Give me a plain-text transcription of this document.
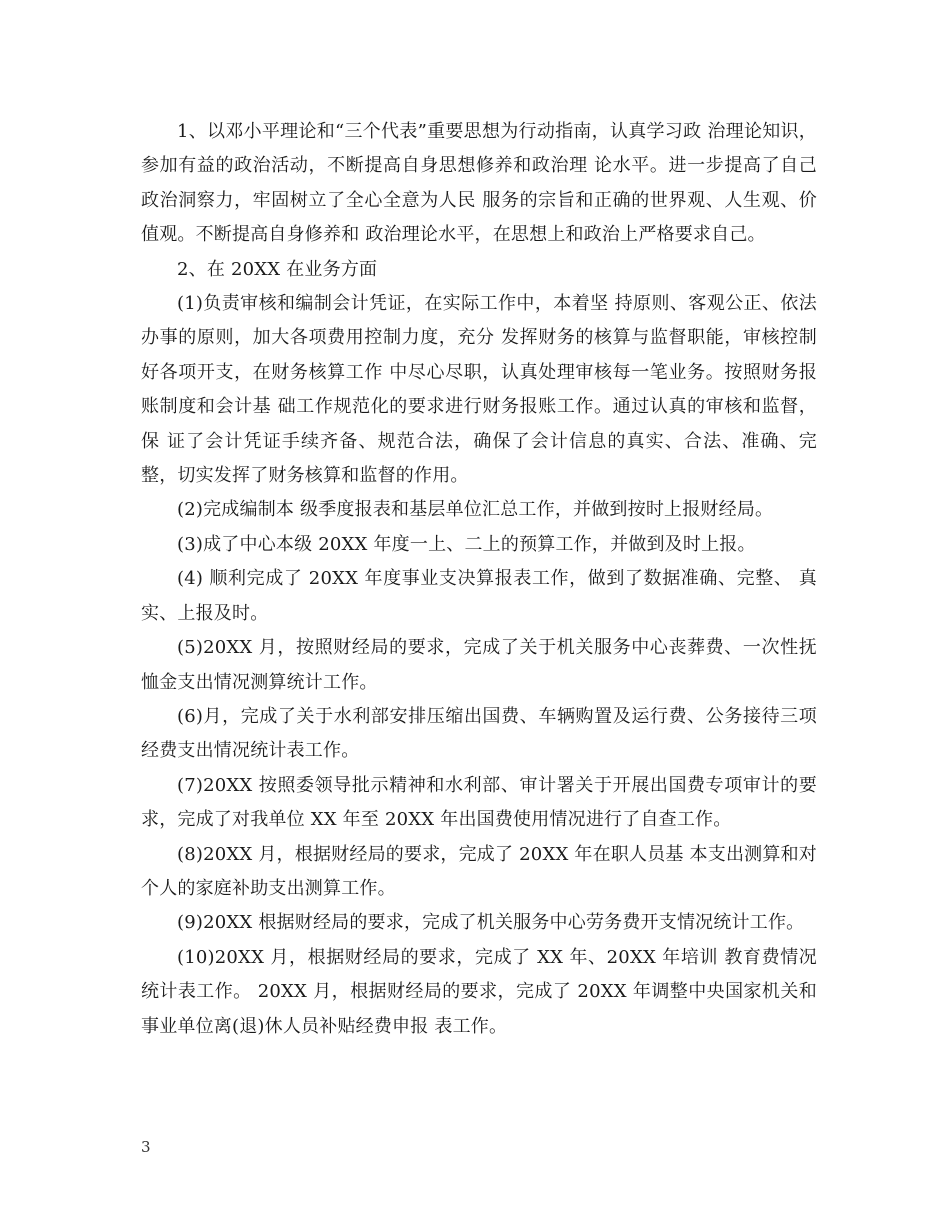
1、以邓小平理论和“三个代表”重要思想为行动指南，认真学习政 治理论知识，参加有益的政治活动，不断提高自身思想修养和政治理 论水平。进一步提高了自己政治洞察力，牢固树立了全心全意为人民 服务的宗旨和正确的世界观、人生观、价值观。不断提高自身修养和 政治理论水平，在思想上和政治上严格要求自己。

2、在 20XX 在业务方面

(1)负责审核和编制会计凭证，在实际工作中，本着坚 持原则、客观公正、依法办事的原则，加大各项费用控制力度，充分 发挥财务的核算与监督职能，审核控制好各项开支，在财务核算工作 中尽心尽职，认真处理审核每一笔业务。按照财务报账制度和会计基 础工作规范化的要求进行财务报账工作。通过认真的审核和监督，保 证了会计凭证手续齐备、规范合法，确保了会计信息的真实、合法、准确、完整，切实发挥了财务核算和监督的作用。

(2)完成编制本 级季度报表和基层单位汇总工作，并做到按时上报财经局。

(3)成了中心本级 20XX 年度一上、二上的预算工作，并做到及时上报。

(4) 顺利完成了 20XX 年度事业支决算报表工作，做到了数据准确、完整、 真实、上报及时。

(5)20XX 月，按照财经局的要求，完成了关于机关服务中心丧葬费、一次性抚恤金支出情况测算统计工作。

(6)月，完成了关于水利部安排压缩出国费、车辆购置及运行费、公务接待三项经费支出情况统计表工作。

(7)20XX 按照委领导批示精神和水利部、审计署关于开展出国费专项审计的要求，完成了对我单位 XX 年至 20XX 年出国费使用情况进行了自查工作。

(8)20XX 月，根据财经局的要求，完成了 20XX 年在职人员基 本支出测算和对个人的家庭补助支出测算工作。

(9)20XX 根据财经局的要求，完成了机关服务中心劳务费开支情况统计工作。

(10)20XX 月，根据财经局的要求，完成了 XX 年、20XX 年培训 教育费情况统计表工作。 20XX 月，根据财经局的要求，完成了 20XX 年调整中央国家机关和事业单位离(退)休人员补贴经费申报 表工作。

3
